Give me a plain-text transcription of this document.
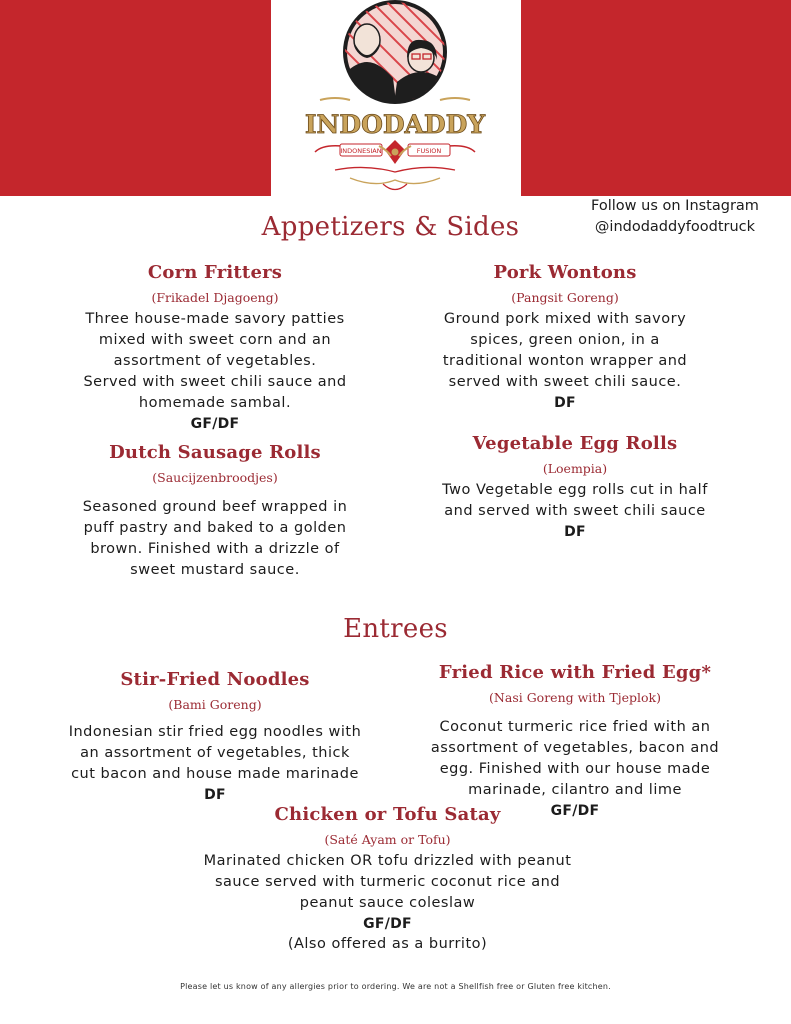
INDODADDY
INDONESIAN	FUSION
Follow us on Instagram
@indodaddyfoodtruck
Appetizers & Sides
Corn Fritters
(Frikadel Djagoeng)
Three house-made savory patties
mixed with sweet corn and an
assortment of vegetables.
Served with sweet chili sauce and
homemade sambal.
GF/DF
Pork Wontons
(Pangsit Goreng)
Ground pork mixed with savory
spices, green onion, in a
traditional wonton wrapper and
served with sweet chili sauce.
DF
Dutch Sausage Rolls
(Saucijzenbroodjes)
Seasoned ground beef wrapped in
puff pastry and baked to a golden
brown. Finished with a drizzle of
sweet mustard sauce.
Vegetable Egg Rolls
(Loempia)
Two Vegetable egg rolls cut in half
and served with sweet chili sauce
DF
Entrees
Stir-Fried Noodles
(Bami Goreng)
Indonesian stir fried egg noodles with
an assortment of vegetables, thick
cut bacon and house made marinade
DF
Fried Rice with Fried Egg*
(Nasi Goreng with Tjeplok)
Coconut turmeric rice fried with an
assortment of vegetables, bacon and
egg. Finished with our house made
marinade, cilantro and lime
GF/DF
Chicken or Tofu Satay
(Saté Ayam or Tofu)
Marinated chicken OR tofu drizzled with peanut
sauce served with turmeric coconut rice and
peanut sauce coleslaw
GF/DF
(Also offered as a burrito)
Please let us know of any allergies prior to ordering. We are not a Shellfish free or Gluten free kitchen.
